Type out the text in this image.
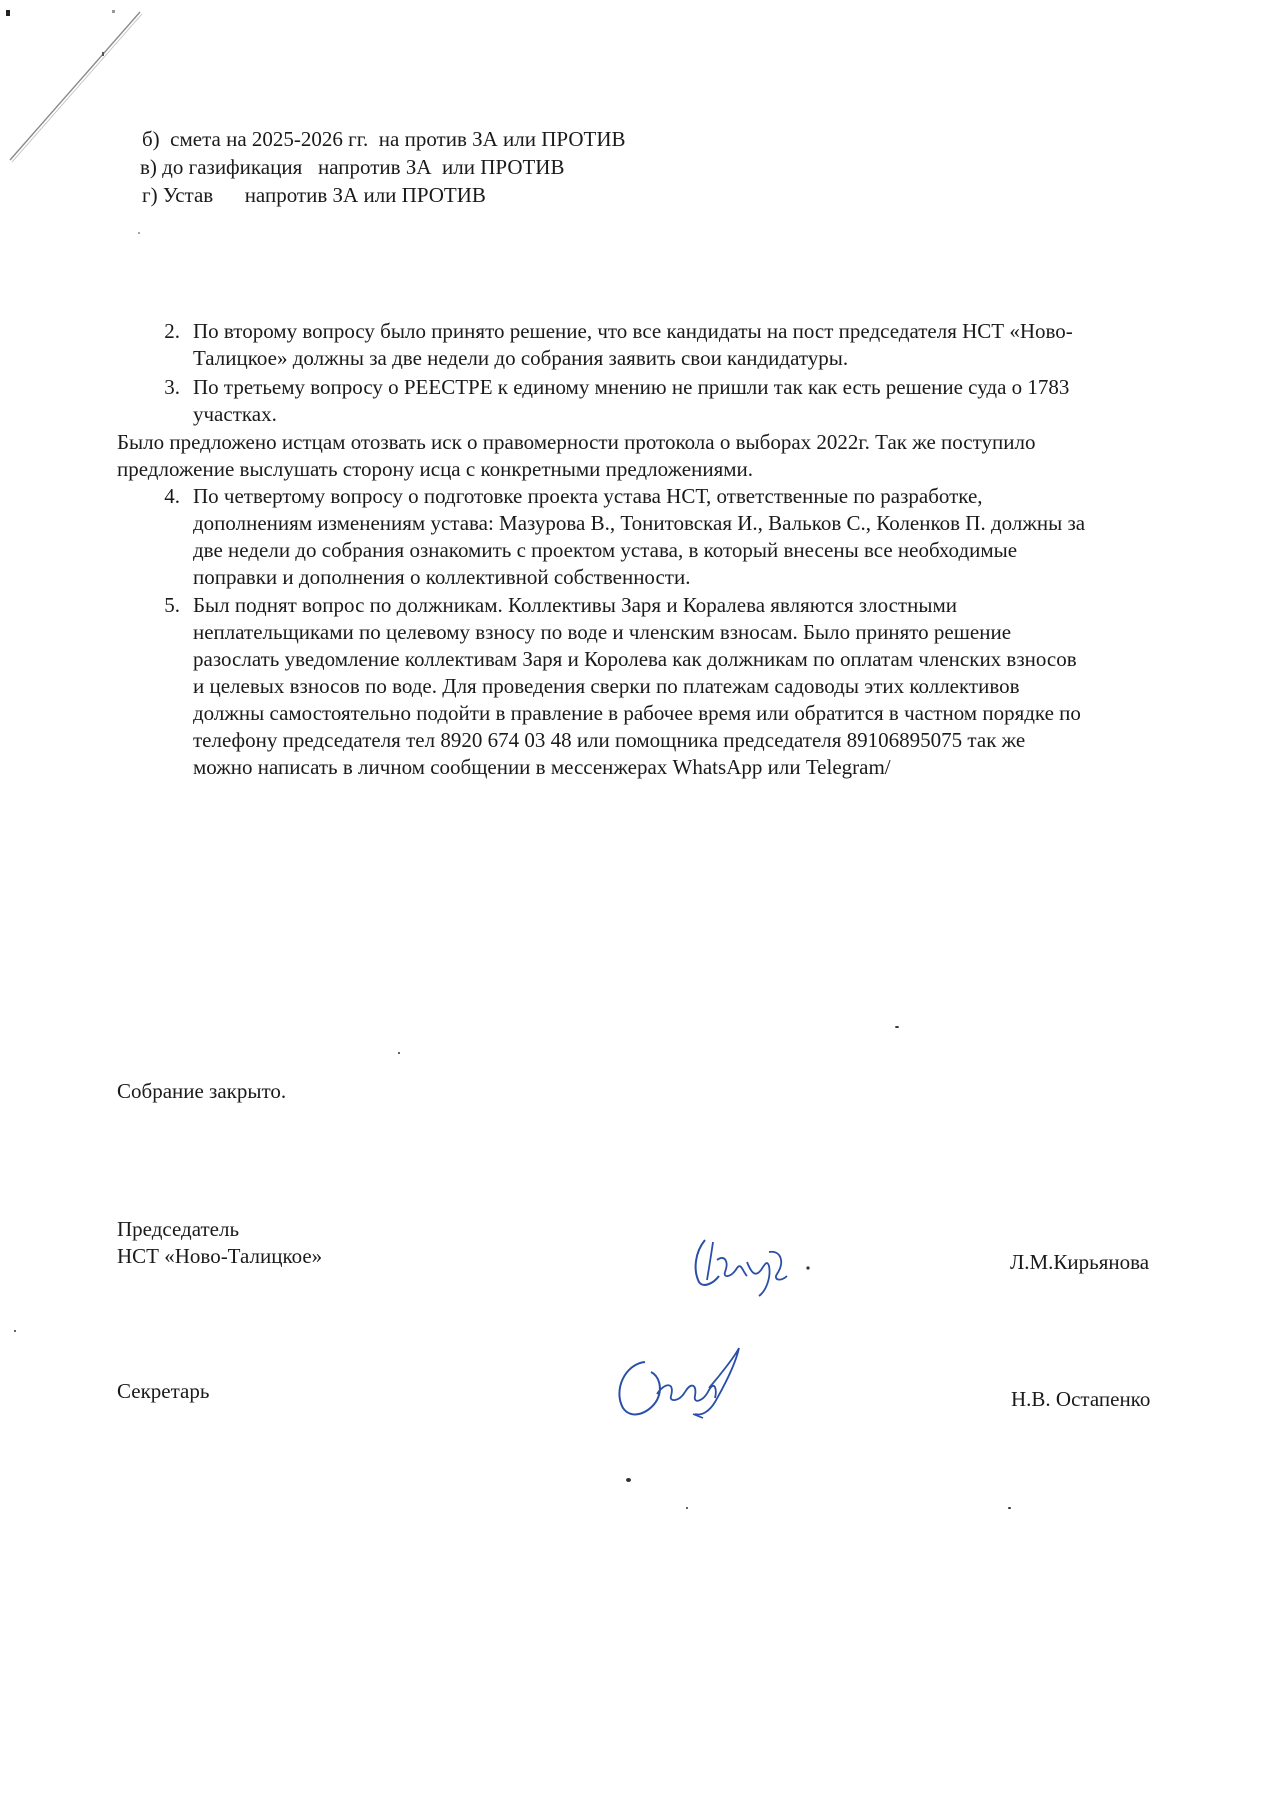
б)  смета на 2025-2026 гг.  на против ЗА или ПРОТИВ
в) до газификация   напротив ЗА  или ПРОТИВ
г) Устав      напротив ЗА или ПРОТИВ
2. По второму вопросу было принято решение, что все кандидаты на пост председателя НСТ «Ново-
Талицкое» должны за две недели до собрания заявить свои кандидатуры.
3. По третьему вопросу о РЕЕСТРЕ к единому мнению не пришли так как есть решение суда о 1783
участках.
Было предложено истцам отозвать иск о правомерности протокола о выборах 2022г. Так же поступило
предложение выслушать сторону исца с конкретными предложениями.
4. По четвертому вопросу о подготовке проекта устава НСТ, ответственные по разработке,
дополнениям изменениям устава: Мазурова В., Тонитовская И., Вальков С., Коленков П. должны за
две недели до собрания ознакомить с проектом устава, в который внесены все необходимые
поправки и дополнения о коллективной собственности.
5. Был поднят вопрос по должникам. Коллективы Заря и Коралева являются злостными
неплательщиками по целевому взносу по воде и членским взносам. Было принято решение
разослать уведомление коллективам Заря и Королева как должникам по оплатам членских взносов
и целевых взносов по воде. Для проведения сверки по платежам садоводы этих коллективов
должны самостоятельно подойти в правление в рабочее время или обратится в частном порядке по
телефону председателя тел 8920 674 03 48 или помощника председателя 89106895075 так же
можно написать в личном сообщении в мессенжерах WhatsApp или Telegram/
Собрание закрыто.
Председатель
НСТ «Ново-Талицкое»	Л.М.Кирьянова
Секретарь	Н.В. Остапенко
